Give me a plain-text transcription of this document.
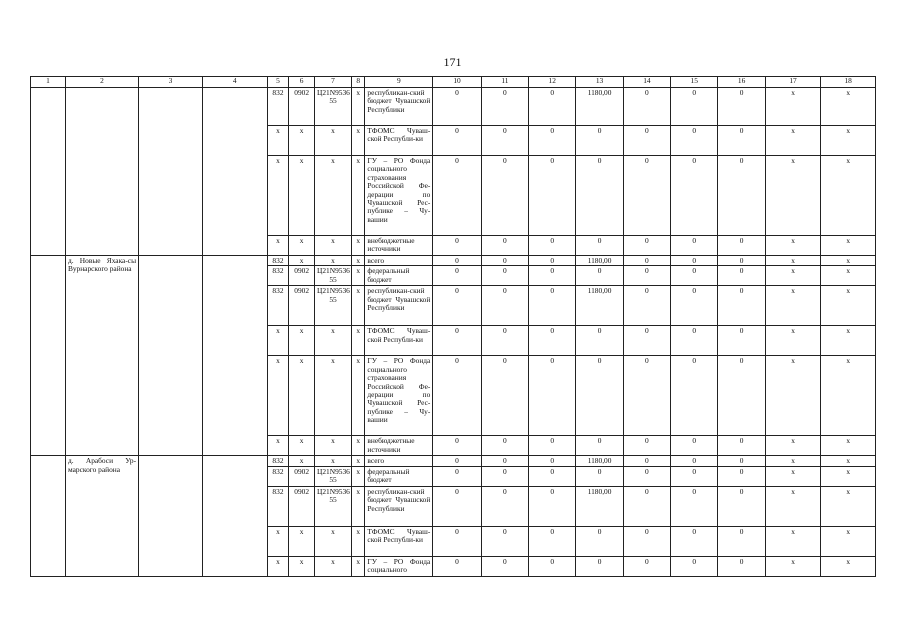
171
1	2	3	4	5	6	7	8	9	10	11	12	13	14	15	16	17	18
				832	0902	Ц21N9536 55	x	республикан-ский бюджет Чувашской Республики	0	0	0	1180,00	0	0	0	x	x
				x	x	x	x	ТФОМС Чуваш-ской Республи-ки	0	0	0	0	0	0	0	x	x
				x	x	x	x	ГУ – РО Фонда социального страхования Российской Фе-дерации по Чувашской Рес-публике – Чу-вашии	0	0	0	0	0	0	0	x	x
				x	x	x	x	внебюджетные источники	0	0	0	0	0	0	0	x	x
	д. Новые Яхака-сы Вурнарского района			832	x	x	x	всего	0	0	0	1180,00	0	0	0	x	x
				832	0902	Ц21N9536 55	x	федеральный бюджет	0	0	0	0	0	0	0	x	x
				832	0902	Ц21N9536 55	x	республикан-ский бюджет Чувашской Республики	0	0	0	1180,00	0	0	0	x	x
				x	x	x	x	ТФОМС Чуваш-ской Республи-ки	0	0	0	0	0	0	0	x	x
				x	x	x	x	ГУ – РО Фонда социального страхования Российской Фе-дерации по Чувашской Рес-публике – Чу-вашии	0	0	0	0	0	0	0	x	x
				x	x	x	x	внебюджетные источники	0	0	0	0	0	0	0	x	x
	д. Арабоси Ур-марского района			832	x	x	x	всего	0	0	0	1180,00	0	0	0	x	x
				832	0902	Ц21N9536 55	x	федеральный бюджет	0	0	0	0	0	0	0	x	x
				832	0902	Ц21N9536 55	x	республикан-ский бюджет Чувашской Республики	0	0	0	1180,00	0	0	0	x	x
				x	x	x	x	ТФОМС Чуваш-ской Республи-ки	0	0	0	0	0	0	0	x	x
				x	x	x	x	ГУ – РО Фонда социального	0	0	0	0	0	0	0	x	x
